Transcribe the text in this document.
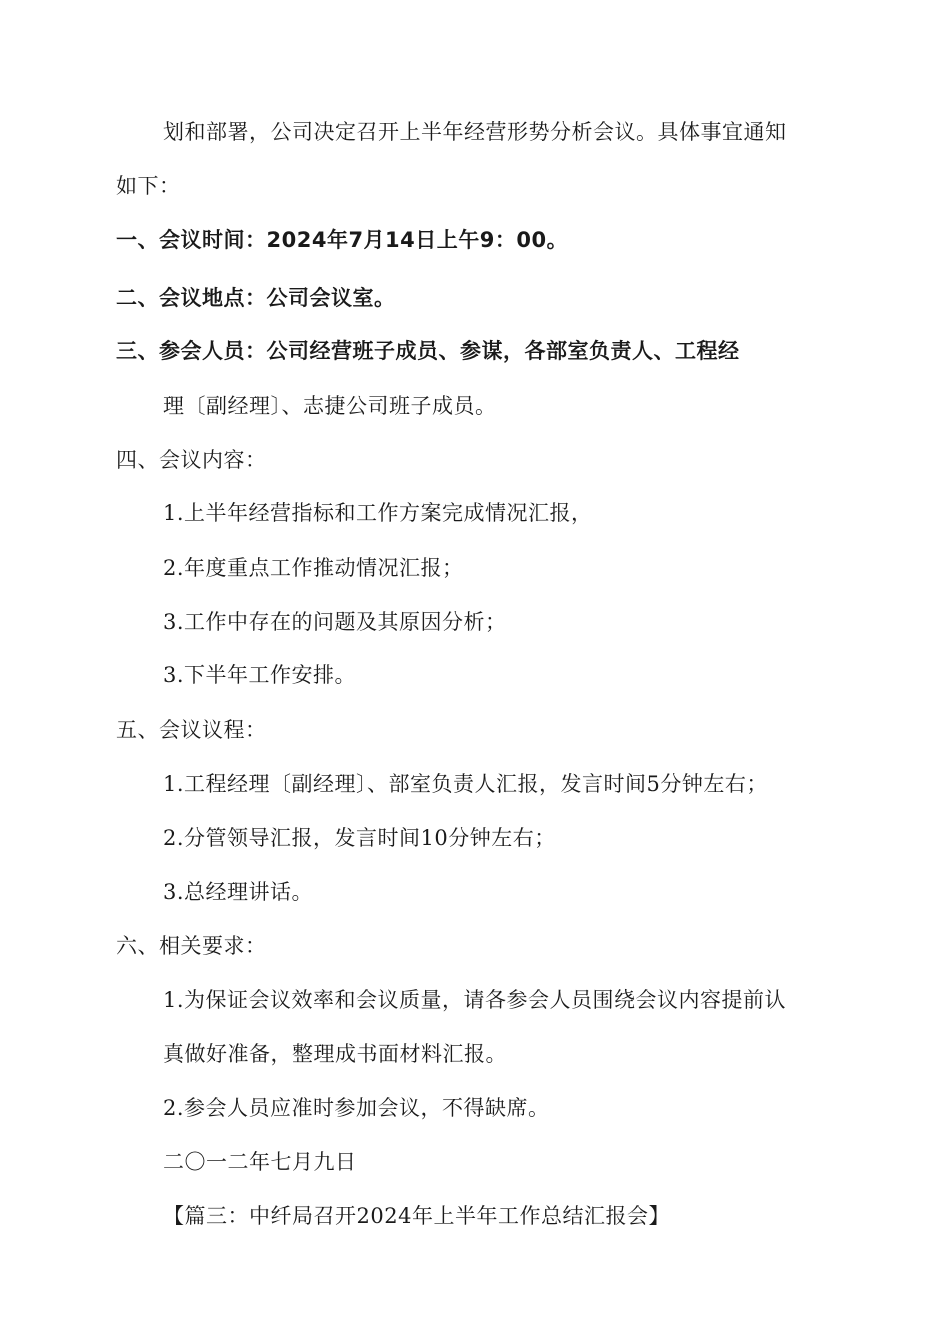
划和部署，公司决定召开上半年经营形势分析会议。具体事宜通知
如下：
一、会议时间：2024年7月14日上午9：00。
二、会议地点：公司会议室。
三、参会人员：公司经营班子成员、参谋，各部室负责人、工程经
理〔副经理〕、志捷公司班子成员。
四、会议内容：
1.上半年经营指标和工作方案完成情况汇报，
2.年度重点工作推动情况汇报；
3.工作中存在的问题及其原因分析；
3.下半年工作安排。
五、会议议程：
1.工程经理〔副经理〕、部室负责人汇报，发言时间5分钟左右；
2.分管领导汇报，发言时间10分钟左右；
3.总经理讲话。
六、相关要求：
1.为保证会议效率和会议质量，请各参会人员围绕会议内容提前认
真做好准备，整理成书面材料汇报。
2.参会人员应准时参加会议，不得缺席。
二〇一二年七月九日
【篇三：中纤局召开2024年上半年工作总结汇报会】
